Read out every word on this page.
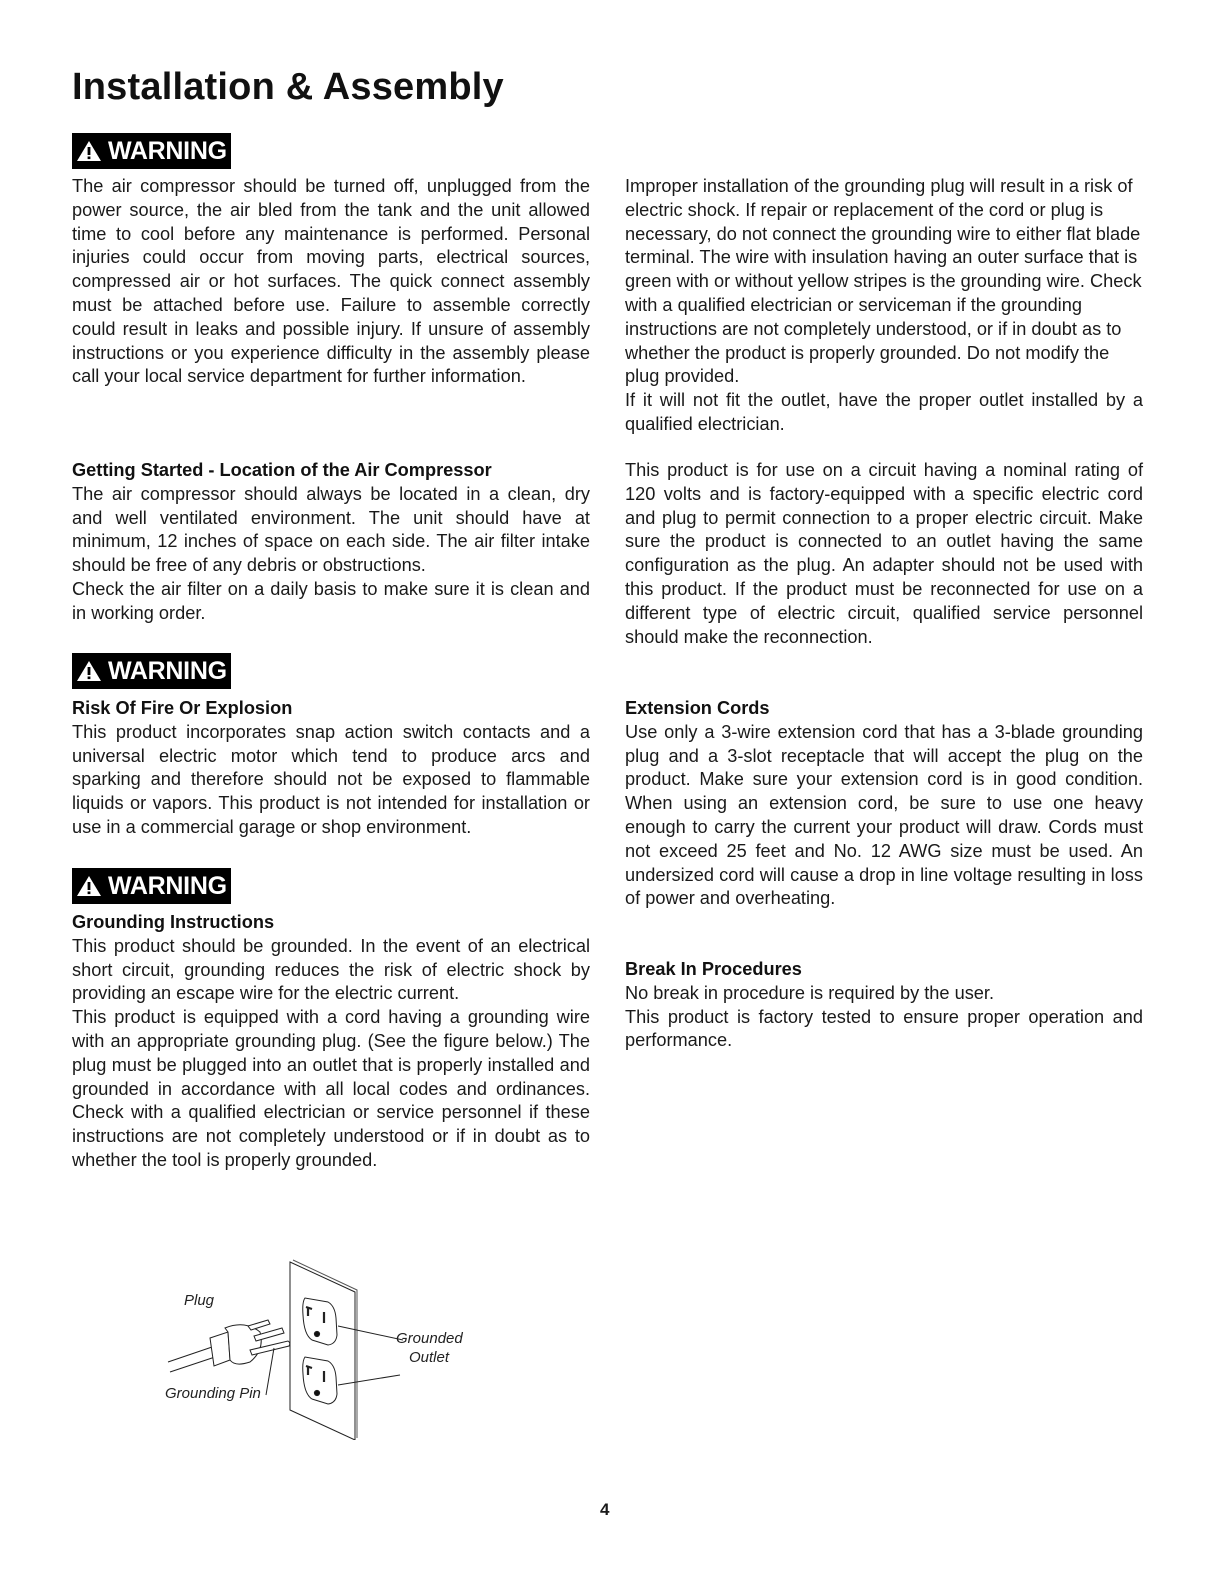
Installation & Assembly
WARNING

The air compressor should be turned off, unplugged from the power source, the air bled from the tank and the unit allowed time to cool before any maintenance is performed. Personal injuries could occur from moving parts, electrical sources, compressed air or hot surfaces. The quick connect assembly must be attached before use. Failure to assemble correctly could result in leaks and possible injury. If unsure of assembly instructions or you experience difficulty in the assembly please call your local service department for further information.

Getting Started - Location of the Air Compressor

The air compressor should always be located in a clean, dry and well ventilated environment. The unit should have at minimum, 12 inches of space on each side. The air filter intake should be free of any debris or obstructions.

Check the air filter on a daily basis to make sure it is clean and in working order.

WARNING
Risk Of Fire Or Explosion

This product incorporates snap action switch contacts and a universal electric motor which tend to produce arcs and sparking and therefore should not be exposed to flammable liquids or vapors. This product is not intended for installation or use in a commercial garage or shop environment.

WARNING
Grounding Instructions

This product should be grounded. In the event of an electrical short circuit, grounding reduces the risk of electric shock by providing an escape wire for the electric current.

This product is equipped with a cord having a grounding wire with an appropriate grounding plug. (See the figure below.) The plug must be plugged into an outlet that is properly installed and grounded in accordance with all local codes and ordinances. Check with a qualified electrician or service personnel if these instructions are not completely understood or if in doubt as to whether the tool is properly grounded.

Improper installation of the grounding plug will result in a risk of electric shock. If repair or replacement of the cord or plug is necessary, do not connect the grounding wire to either flat blade terminal. The wire with insulation having an outer surface that is green with or without yellow stripes is the grounding wire. Check with a qualified electrician or serviceman if the grounding instructions are not completely understood, or if in doubt as to whether the product is properly grounded. Do not modify the plug provided.

If it will not fit the outlet, have the proper outlet installed by a qualified electrician.

This product is for use on a circuit having a nominal rating of 120 volts and is factory-equipped with a specific electric cord and plug to permit connection to a proper electric circuit. Make sure the product is connected to an outlet having the same configuration as the plug. An adapter should not be used with this product. If the product must be reconnected for use on a different type of electric circuit, qualified service personnel should make the reconnection.

Extension Cords

Use only a 3-wire extension cord that has a 3-blade grounding plug and a 3-slot receptacle that will accept the plug on the product. Make sure your extension cord is in good condition. When using an extension cord, be sure to use one heavy enough to carry the current your product will draw. Cords must not exceed 25 feet and No. 12 AWG size must be used. An undersized cord will cause a drop in line voltage resulting in loss of power and overheating.

Break In Procedures

No break in procedure is required by the user.

This product is factory tested to ensure proper operation and performance.

Plug
Grounding Pin
Grounded
Outlet
4
